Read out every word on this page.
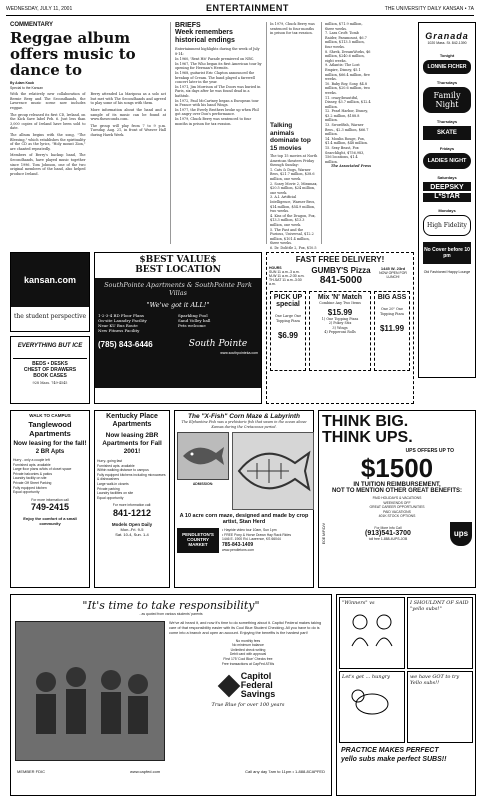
WEDNESDAY, JULY 11, 2001	ENTERTAINMENT	THE UNIVERSITY DAILY KANSAN • 7A
COMMENTARY
Reggae album offers music to dance to
By Adam Kaub
Special to the Kansan

With the relatively new collaboration of Bernie Berg and The Secondhands, the Lawrence music scene now includes reggae.

The group released its first CD, Ireland, on the Kick Save label Feb. 6. Just less than 3,000 copies of Ireland have been sold to date.

The album begins with the song, "The Blessing," which establishes the spirituality of the CD as the lyrics, "Holy mount Zion," are chanted repeatedly.

Members of Berry's backup band, The Secondhands, have played music together since 1996. Tom Johnson, one of the two original members of the band, also helped produce Ireland.

Berry attended La Mariposa as a solo act but met with The Secondhands and agreed to play some of his songs with them.

More information about the band and a sample of its music can be found at www.theseconds.com.

The group will play from 7 to 9 p.m. Tuesday, Aug. 21, in front of Weaver Hall during Hawk Week.

BRIEFS
Week remembers historical endings
Entertainment highlights during the week of July 8-14:

In 1960, 'Rent Hit' Parade premiered on NBC.

In 1967, The Who began its first American tour by opening for Herman's Hermits.

In 1968, guitarist Eric Clapton announced the breakup of Cream. The band played a farewell concert later in the year.

In 1971, Jim Morrison of The Doors was buried in Paris, six days after he was found dead in a bathtub.

In 1972, Paul McCartney began a European tour in France with his band Wings.

In 1977, the Everly Brothers broke up when Phil got angry over Don's performance.

In 1979, Chuck Berry was sentenced to four months in prison for tax evasion.

In 1979, Chuck Berry was sentenced to four months in prison for tax evasion.

Talking animals dominate top 15 movies
The top 15 movies at North American theaters Friday through Sunday:

1. Cats & Dogs, Warner Bros, $21.7 million, $38.6 million, one week.

2. Scary Movie 2, Miramax, $20.5 million, $24 million, one week.

3. A.I. Artificial Intelligence, Warner Bros, $14 million, $54.9 million, two weeks.

4. Kiss of the Dragon, Fox, $13.3 million, $13.3 million, one week.

5. The Fast and the Furious, Universal, $12.2 million, $101.4 million, three weeks.

6. Dr. Dolittle 2, Fox, $10.5

million, $71.9 million, three weeks.

7. Lara Croft: Tomb Raider, Paramount, $6.7 million, $113.5 million, four weeks.

8. Shrek, DreamWorks, $6 million, $240.6 million, eight weeks.

9. Atlantis: The Lost Empire, Disney, $5.1 million, $66.4 million, five weeks.

10. Baby Boy, Sony, $4.8 million, $20.6 million, two weeks.

11. crazy/beautiful, Disney, $3.7 million, $12.4 million.

12. Pearl Harbor, Disney, $3.2 million, $188.8 million.

13. Swordfish, Warner Bros., $2.3 million, $66.7 million.

14. Moulin Rouge, Fox, $1.4 million, $48 million.

15. Sexy Beast, Fox Searchlight, $756,983, 156 locations, $1.4 million.

The Associated Press

Granada
1020 Mass. St. 842-1390
Tonight
LONNIE FICHER
Thursdays
Family Night
Thursdays
SKATE
Fridays
LADIES NIGHT
Saturdays
DEEPSKY
L*STAR
Mondays
High Fidelity
No Cover before 10 pm
Old Fashioned Happy Lounge
kansan.com
the student perspective
EVERYTHING BUT ICE
BEDS • DESKS
CHEST OF DRAWERS
BOOK CASES
928 Mass. 749-4545
$BEST VALUE$
BEST LOCATION
SouthPointe Apartments & SouthPointe Park Villas
"We've got it ALL!"
1-2-3-4 BD Floor Plans
On-site Laundry Facility
Near KU Bus Route
New Fitness Facility
Sparkling Pool
Sand Volley ball
Pets welcome
(785) 843-6446	South Pointe
www.southpointeka.com
FAST FREE DELIVERY!
HOURS
SUN 11 a.m.-3 a.m.
M-W 11 a.m.-2:30 a.m.
TH-SAT 11 a.m.-3:30 a.m.
GUMBY'S Pizza
841-5000
1445 W. 23rd
NOW OPEN FOR LUNCH!
PICK UP special
One Large One Topping Pizza
$6.99
Mix 'N' Match
Combine Any Two Items
$15.99
1) One Topping Pizza
2) Pokey Stix
3) Wings
4) Pepperoni Rolls
BIG ASS
One 20" One Topping Pizza
$11.99
WALK TO CAMPUS
Tanglewood Apartments
Now leasing for the fall!
2 BR Apts
Hurry - only a couple left
Furnished apts. available
Large floor plans w/lots of closet space
Private balconies & patios
Laundry facility on site
Private Off Street Parking
Fully equipped kitchen
Equal opportunity
For more information call
749-2415
Enjoy the comfort of a small community
Kentucky Place Apartments
Now leasing 2BR Apartments for Fall 2001!
Hurry- going fast
Furnished apts. available
Within walking distance to campus
Fully equipped kitchens including microwaves & dishwashers
Large walk-in closets
Private parking
Laundry facilities on site
Equal opportunity
For more information call:
841-1212
Models Open Daily
Mon.-Fri. 9-5
Sat. 10-4, Sun. 1-4
The "X-Fish" Corn Maze & Labyrinth
The Elphantine Fish was a prehistoric fish that swam in the ocean above Kansas during the Cretaceous period.
ADMISSION:
A 10 acre corn maze, designed and made by crop artist, Stan Herd
PENDLETON'S COUNTRY MARKET
• Hayride video tour 10am, Sun 1pm
• FREE Pony & Horse Drawn Hay Rack Rides
1446 E. 1900 Rd. Lawrence, KS 66044
785-843-1409
www.pendletons.com
THINK BIG.
THINK UPS.
UPS OFFERS UP TO
$1500
IN TUITION REIMBURSEMENT,
NOT TO MENTION OTHER GREAT BENEFITS:
PAID HOLIDAYS & VACATIONS
WEEKENDS OFF
GREAT CAREER OPPORTUNITIES
PAID VACATIONS
401K STOCK OPTIONS
EOE M/F/D/V	For More Info Call
(913)541-3700
toll free 1-888-4UPS-JOB
ups
"It's time to take responsibility"
- as quoted from various students' parents
We've all heard it, and now it's time to do something about it. Capitol Federal makes taking care of that responsibility easier with its Cool Blue Student Checking. All you have to do is come into a branch and open an account. Enjoying the benefits is the hardest part!
No monthly fees
No minimum balance
Unlimited check writing
Debit card with approval
First 175 'Cool Blue' Checks free
Free transactions at CapFed ATMs
Capitol
Federal
Savings
True Blue for over 100 years
MEMBER FDIC	www.capfed.com	Call any day 7am to 11pm • 1-888-8CAPFED
"Winners" vs	I SHOULDNT OF SAID "yello subs!"
Let's get ... hungry	we have GOT to try Yello subs!!
PRACTICE MAKES PERFECT
yello subs make perfect SUBS!!
